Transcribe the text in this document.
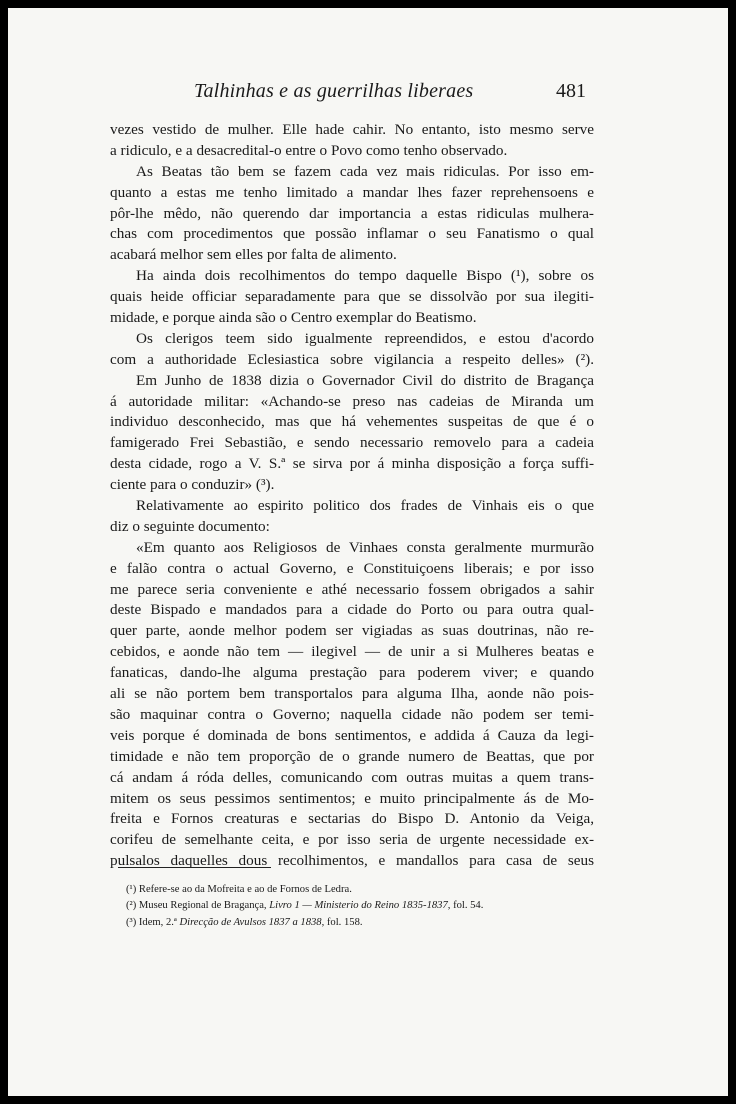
Talhinhas e as guerrilhas liberaes	481
vezes vestido de mulher. Elle hade cahir. No entanto, isto mesmo serve
a ridiculo, e a desacredital-o entre o Povo como tenho observado.
As Beatas tão bem se fazem cada vez mais ridiculas. Por isso em-
quanto a estas me tenho limitado a mandar lhes fazer reprehensoens e
pôr-lhe mêdo, não querendo dar importancia a estas ridiculas mulhera-
chas com procedimentos que possão inflamar o seu Fanatismo o qual
acabará melhor sem elles por falta de alimento.
Ha ainda dois recolhimentos do tempo daquelle Bispo (¹), sobre os
quais heide officiar separadamente para que se dissolvão por sua ilegiti-
midade, e porque ainda são o Centro exemplar do Beatismo.
Os clerigos teem sido igualmente repreendidos, e estou d'acordo
com a authoridade Eclesiastica sobre vigilancia a respeito delles» (²).
Em Junho de 1838 dizia o Governador Civil do distrito de Bragança
á autoridade militar: «Achando-se preso nas cadeias de Miranda um
individuo desconhecido, mas que há vehementes suspeitas de que é o
famigerado Frei Sebastião, e sendo necessario removelo para a cadeia
desta cidade, rogo a V. S.ª se sirva por á minha disposição a força suffi-
ciente para o conduzir» (³).
Relativamente ao espirito politico dos frades de Vinhais eis o que
diz o seguinte documento:
«Em quanto aos Religiosos de Vinhaes consta geralmente murmurão
e falão contra o actual Governo, e Constituiçoens liberais; e por isso
me parece seria conveniente e athé necessario fossem obrigados a sahir
deste Bispado e mandados para a cidade do Porto ou para outra qual-
quer parte, aonde melhor podem ser vigiadas as suas doutrinas, não re-
cebidos, e aonde não tem — ilegivel — de unir a si Mulheres beatas e
fanaticas, dando-lhe alguma prestação para poderem viver; e quando
ali se não portem bem transportalos para alguma Ilha, aonde não pois-
são maquinar contra o Governo; naquella cidade não podem ser temi-
veis porque é dominada de bons sentimentos, e addida á Cauza da legi-
timidade e não tem proporção de o grande numero de Beattas, que por
cá andam á róda delles, comunicando com outras muitas a quem trans-
mitem os seus pessimos sentimentos; e muito principalmente ás de Mo-
freita e Fornos creaturas e sectarias do Bispo D. Antonio da Veiga,
corifeu de semelhante ceita, e por isso seria de urgente necessidade ex-
pulsalos daquelles dous recolhimentos, e mandallos para casa de seus
(¹) Refere-se ao da Mofreita e ao de Fornos de Ledra.
(²) Museu Regional de Bragança, Livro 1 — Ministerio do Reino 1835-1837, fol. 54.
(³) Idem, 2.ª Direcção de Avulsos 1837 a 1838, fol. 158.
